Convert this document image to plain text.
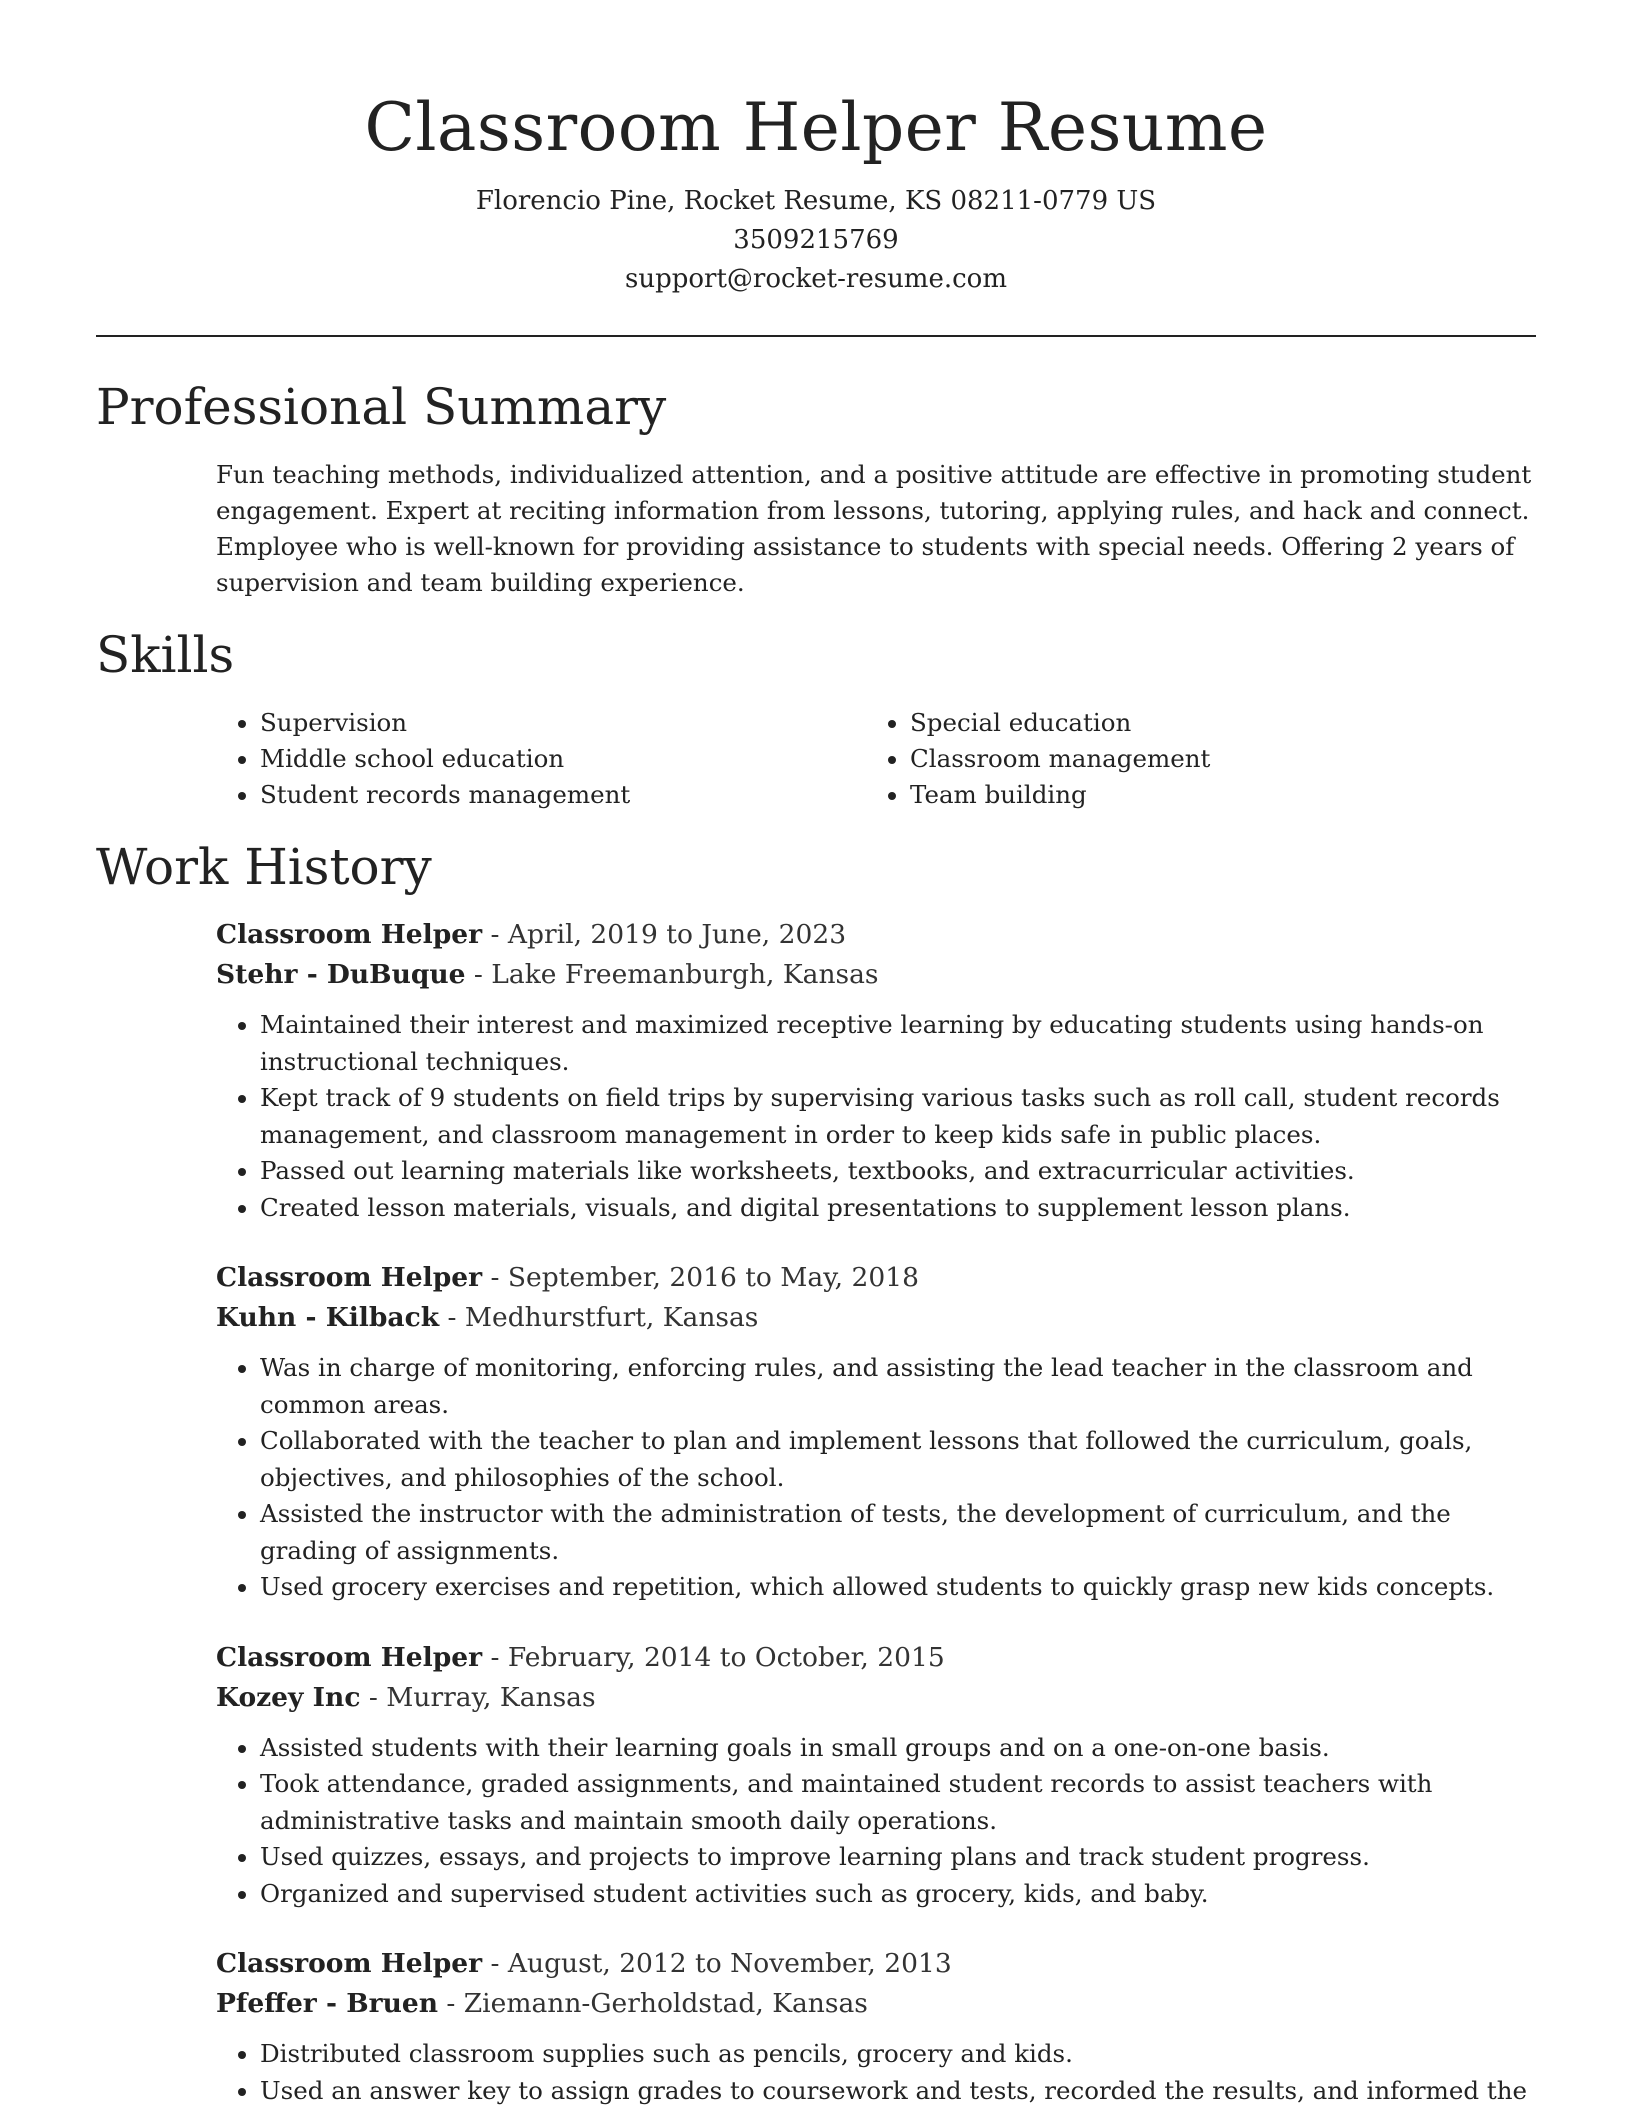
Classroom Helper Resume
Florencio Pine, Rocket Resume, KS 08211-0779 US
3509215769
support@rocket-resume.com
Professional Summary
Fun teaching methods, individualized attention, and a positive attitude are effective in promoting student engagement. Expert at reciting information from lessons, tutoring, applying rules, and hack and connect. Employee who is well-known for providing assistance to students with special needs. Offering 2 years of supervision and team building experience.
Skills
• Supervision
• Middle school education
• Student records management
• Special education
• Classroom management
• Team building
Work History
Classroom Helper - April, 2019 to June, 2023
Stehr - DuBuque - Lake Freemanburgh, Kansas
• Maintained their interest and maximized receptive learning by educating students using hands-on instructional techniques.
• Kept track of 9 students on field trips by supervising various tasks such as roll call, student records management, and classroom management in order to keep kids safe in public places.
• Passed out learning materials like worksheets, textbooks, and extracurricular activities.
• Created lesson materials, visuals, and digital presentations to supplement lesson plans.
Classroom Helper - September, 2016 to May, 2018
Kuhn - Kilback - Medhurstfurt, Kansas
• Was in charge of monitoring, enforcing rules, and assisting the lead teacher in the classroom and common areas.
• Collaborated with the teacher to plan and implement lessons that followed the curriculum, goals, objectives, and philosophies of the school.
• Assisted the instructor with the administration of tests, the development of curriculum, and the grading of assignments.
• Used grocery exercises and repetition, which allowed students to quickly grasp new kids concepts.
Classroom Helper - February, 2014 to October, 2015
Kozey Inc - Murray, Kansas
• Assisted students with their learning goals in small groups and on a one-on-one basis.
• Took attendance, graded assignments, and maintained student records to assist teachers with administrative tasks and maintain smooth daily operations.
• Used quizzes, essays, and projects to improve learning plans and track student progress.
• Organized and supervised student activities such as grocery, kids, and baby.
Classroom Helper - August, 2012 to November, 2013
Pfeffer - Bruen - Ziemann-Gerholdstad, Kansas
• Distributed classroom supplies such as pencils, grocery and kids.
• Used an answer key to assign grades to coursework and tests, recorded the results, and informed the
